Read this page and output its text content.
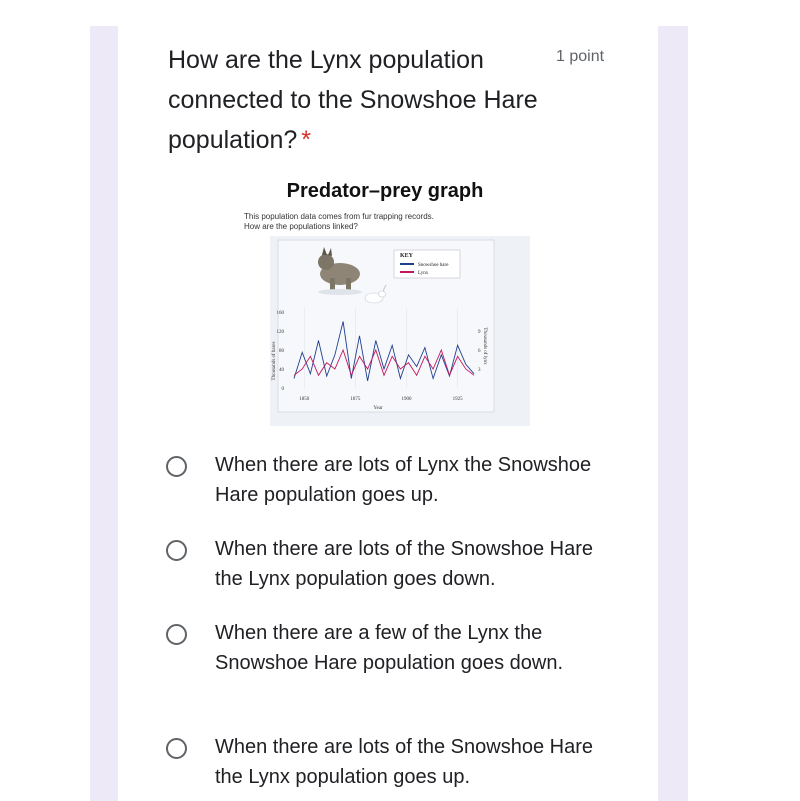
How are the Lynx population connected to the Snowshoe Hare population? *
1 point
Predator–prey graph
This population data comes from fur trapping records.
How are the populations linked?
KEY
Snowshoe hare
Lynx
0
40
80
120
160
3
6
9
1850	1875	1900	1925
Thousands of hares	Thousands of lynx
Year
When there are lots of Lynx the Snowshoe Hare population goes up.
When there are lots of the Snowshoe Hare the Lynx population goes down.
When there are a few of the Lynx the Snowshoe Hare population goes down.
When there are lots of the Snowshoe Hare the Lynx population goes up.
